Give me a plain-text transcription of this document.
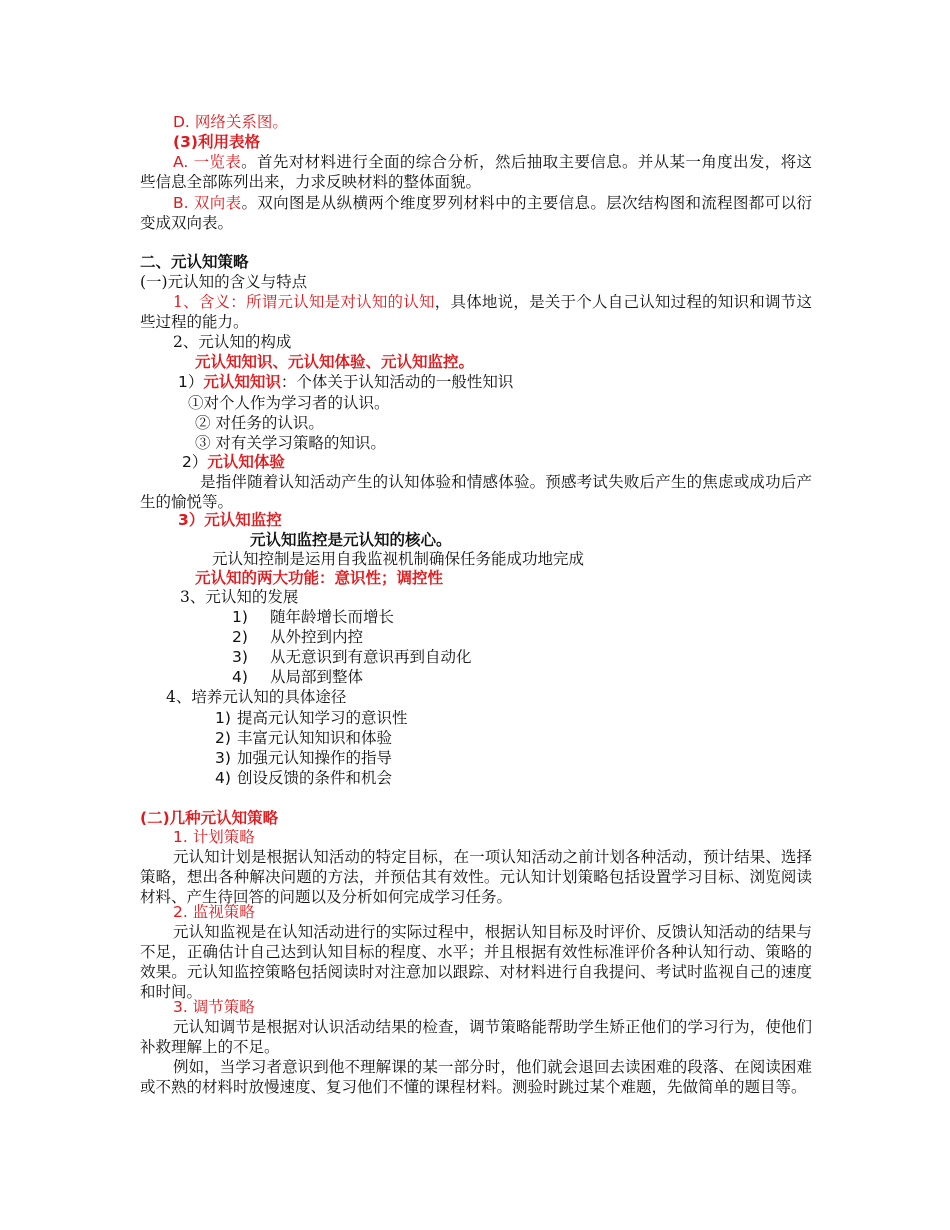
D. 网络关系图。
(3)利用表格
A. 一览表。首先对材料进行全面的综合分析，然后抽取主要信息。并从某一角度出发，将这些信息全部陈列出来，力求反映材料的整体面貌。
B. 双向表。双向图是从纵横两个维度罗列材料中的主要信息。层次结构图和流程图都可以衍变成双向表。
二、元认知策略
(一)元认知的含义与特点
1、含义：所谓元认知是对认知的认知，具体地说，是关于个人自己认知过程的知识和调节这些过程的能力。
2、元认知的构成
元认知知识、元认知体验、元认知监控。
1）元认知知识：个体关于认知活动的一般性知识
①对个人作为学习者的认识。
② 对任务的认识。
③ 对有关学习策略的知识。
2）元认知体验
是指伴随着认知活动产生的认知体验和情感体验。预感考试失败后产生的焦虑或成功后产生的愉悦等。
3）元认知监控
元认知监控是元认知的核心。
元认知控制是运用自我监视机制确保任务能成功地完成
元认知的两大功能：意识性；调控性
3、元认知的发展
1) 随年龄增长而增长
2) 从外控到内控
3) 从无意识到有意识再到自动化
4) 从局部到整体
4、培养元认知的具体途径
1) 提高元认知学习的意识性
2) 丰富元认知知识和体验
3) 加强元认知操作的指导
4) 创设反馈的条件和机会
(二)几种元认知策略
1. 计划策略
元认知计划是根据认知活动的特定目标，在一项认知活动之前计划各种活动，预计结果、选择策略，想出各种解决问题的方法，并预估其有效性。元认知计划策略包括设置学习目标、浏览阅读材料、产生待回答的问题以及分析如何完成学习任务。
2. 监视策略
元认知监视是在认知活动进行的实际过程中，根据认知目标及时评价、反馈认知活动的结果与不足，正确估计自己达到认知目标的程度、水平；并且根据有效性标准评价各种认知行动、策略的效果。元认知监控策略包括阅读时对注意加以跟踪、对材料进行自我提问、考试时监视自己的速度和时间。
3. 调节策略
元认知调节是根据对认识活动结果的检查，调节策略能帮助学生矫正他们的学习行为，使他们补救理解上的不足。
例如，当学习者意识到他不理解课的某一部分时，他们就会退回去读困难的段落、在阅读困难或不熟的材料时放慢速度、复习他们不懂的课程材料。测验时跳过某个难题，先做简单的题目等。
